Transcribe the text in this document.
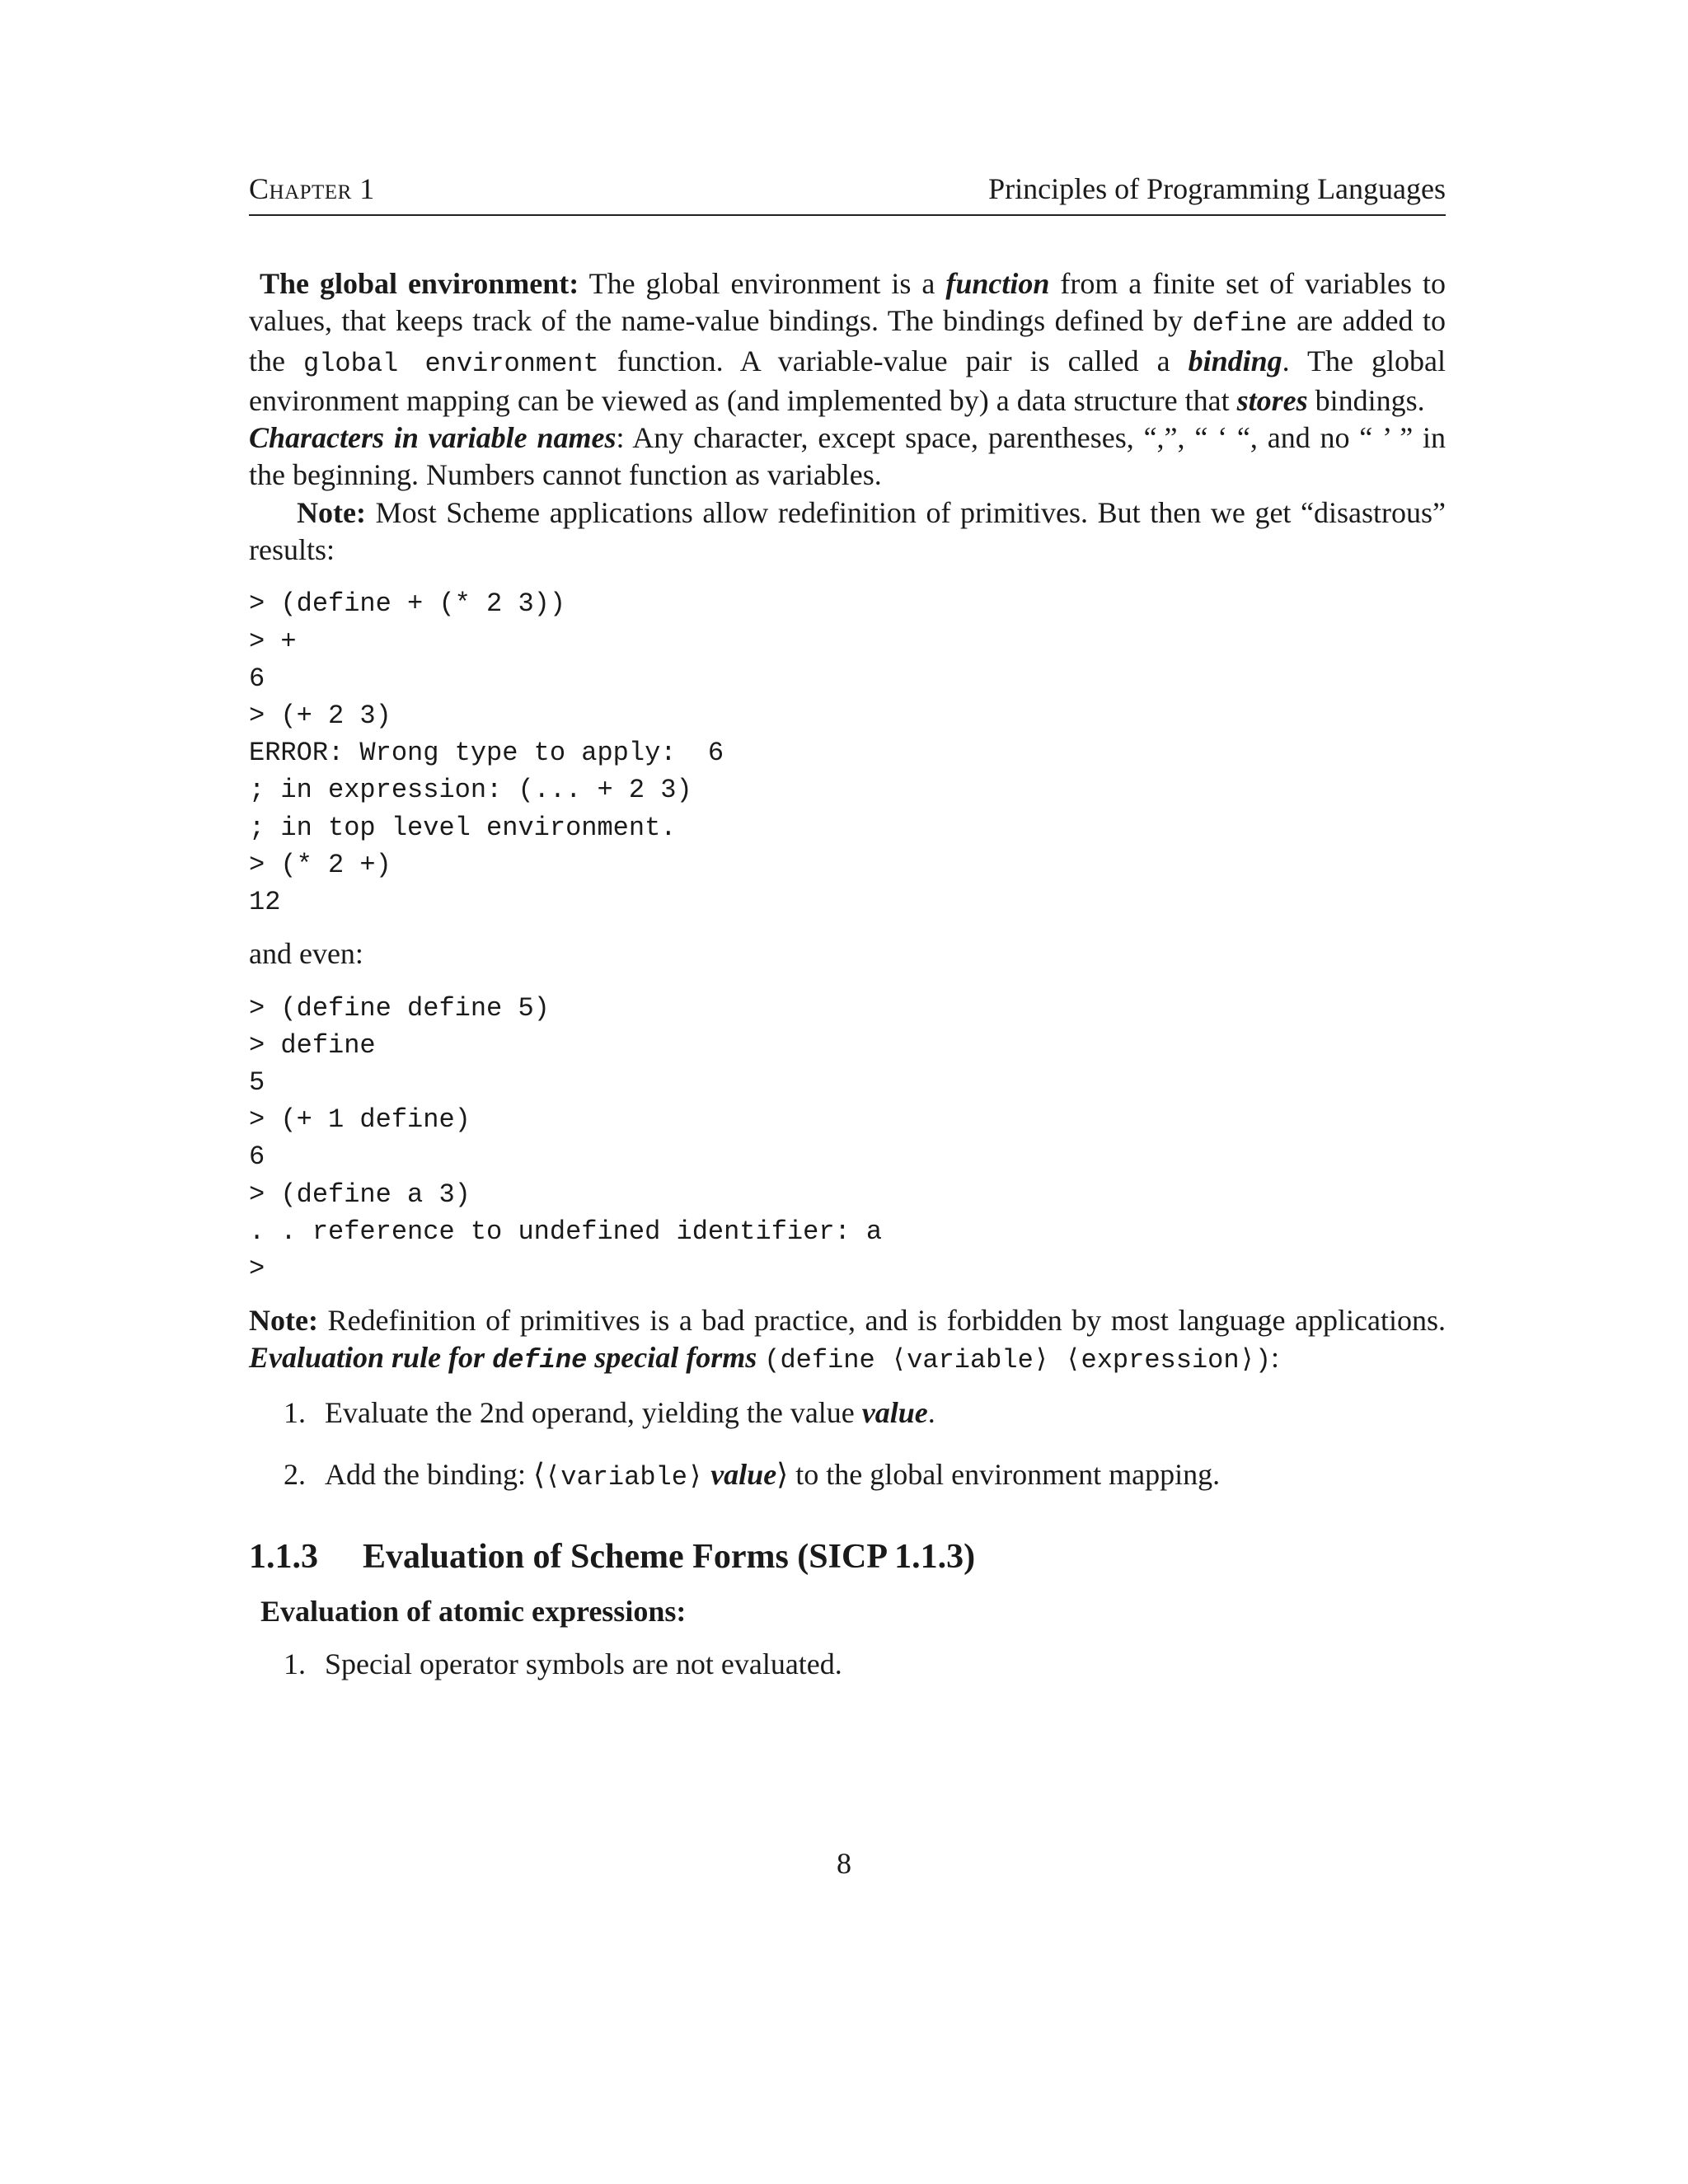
Chapter 1	Principles of Programming Languages

The global environment: The global environment is a function from a finite set of variables to values, that keeps track of the name-value bindings. The bindings defined by define are added to the global environment function. A variable-value pair is called a binding. The global environment mapping can be viewed as (and implemented by) a data structure that stores bindings.

Characters in variable names: Any character, except space, parentheses, “,”, “ ‘ “, and no “ ’ ” in the beginning. Numbers cannot function as variables.

Note: Most Scheme applications allow redefinition of primitives. But then we get “disastrous” results:

> (define + (* 2 3))
> +
6
> (+ 2 3)
ERROR: Wrong type to apply:  6
; in expression: (... + 2 3)
; in top level environment.
> (* 2 +)
12

and even:

> (define define 5)
> define
5
> (+ 1 define)
6
> (define a 3)
. . reference to undefined identifier: a
>

Note: Redefinition of primitives is a bad practice, and is forbidden by most language applications. Evaluation rule for define special forms (define ⟨variable⟩ ⟨expression⟩):

1. Evaluate the 2nd operand, yielding the value value.
2. Add the binding: ⟨⟨variable⟩ value⟩ to the global environment mapping.
1.1.3 Evaluation of Scheme Forms (SICP 1.1.3)

Evaluation of atomic expressions:

1. Special operator symbols are not evaluated.
8
